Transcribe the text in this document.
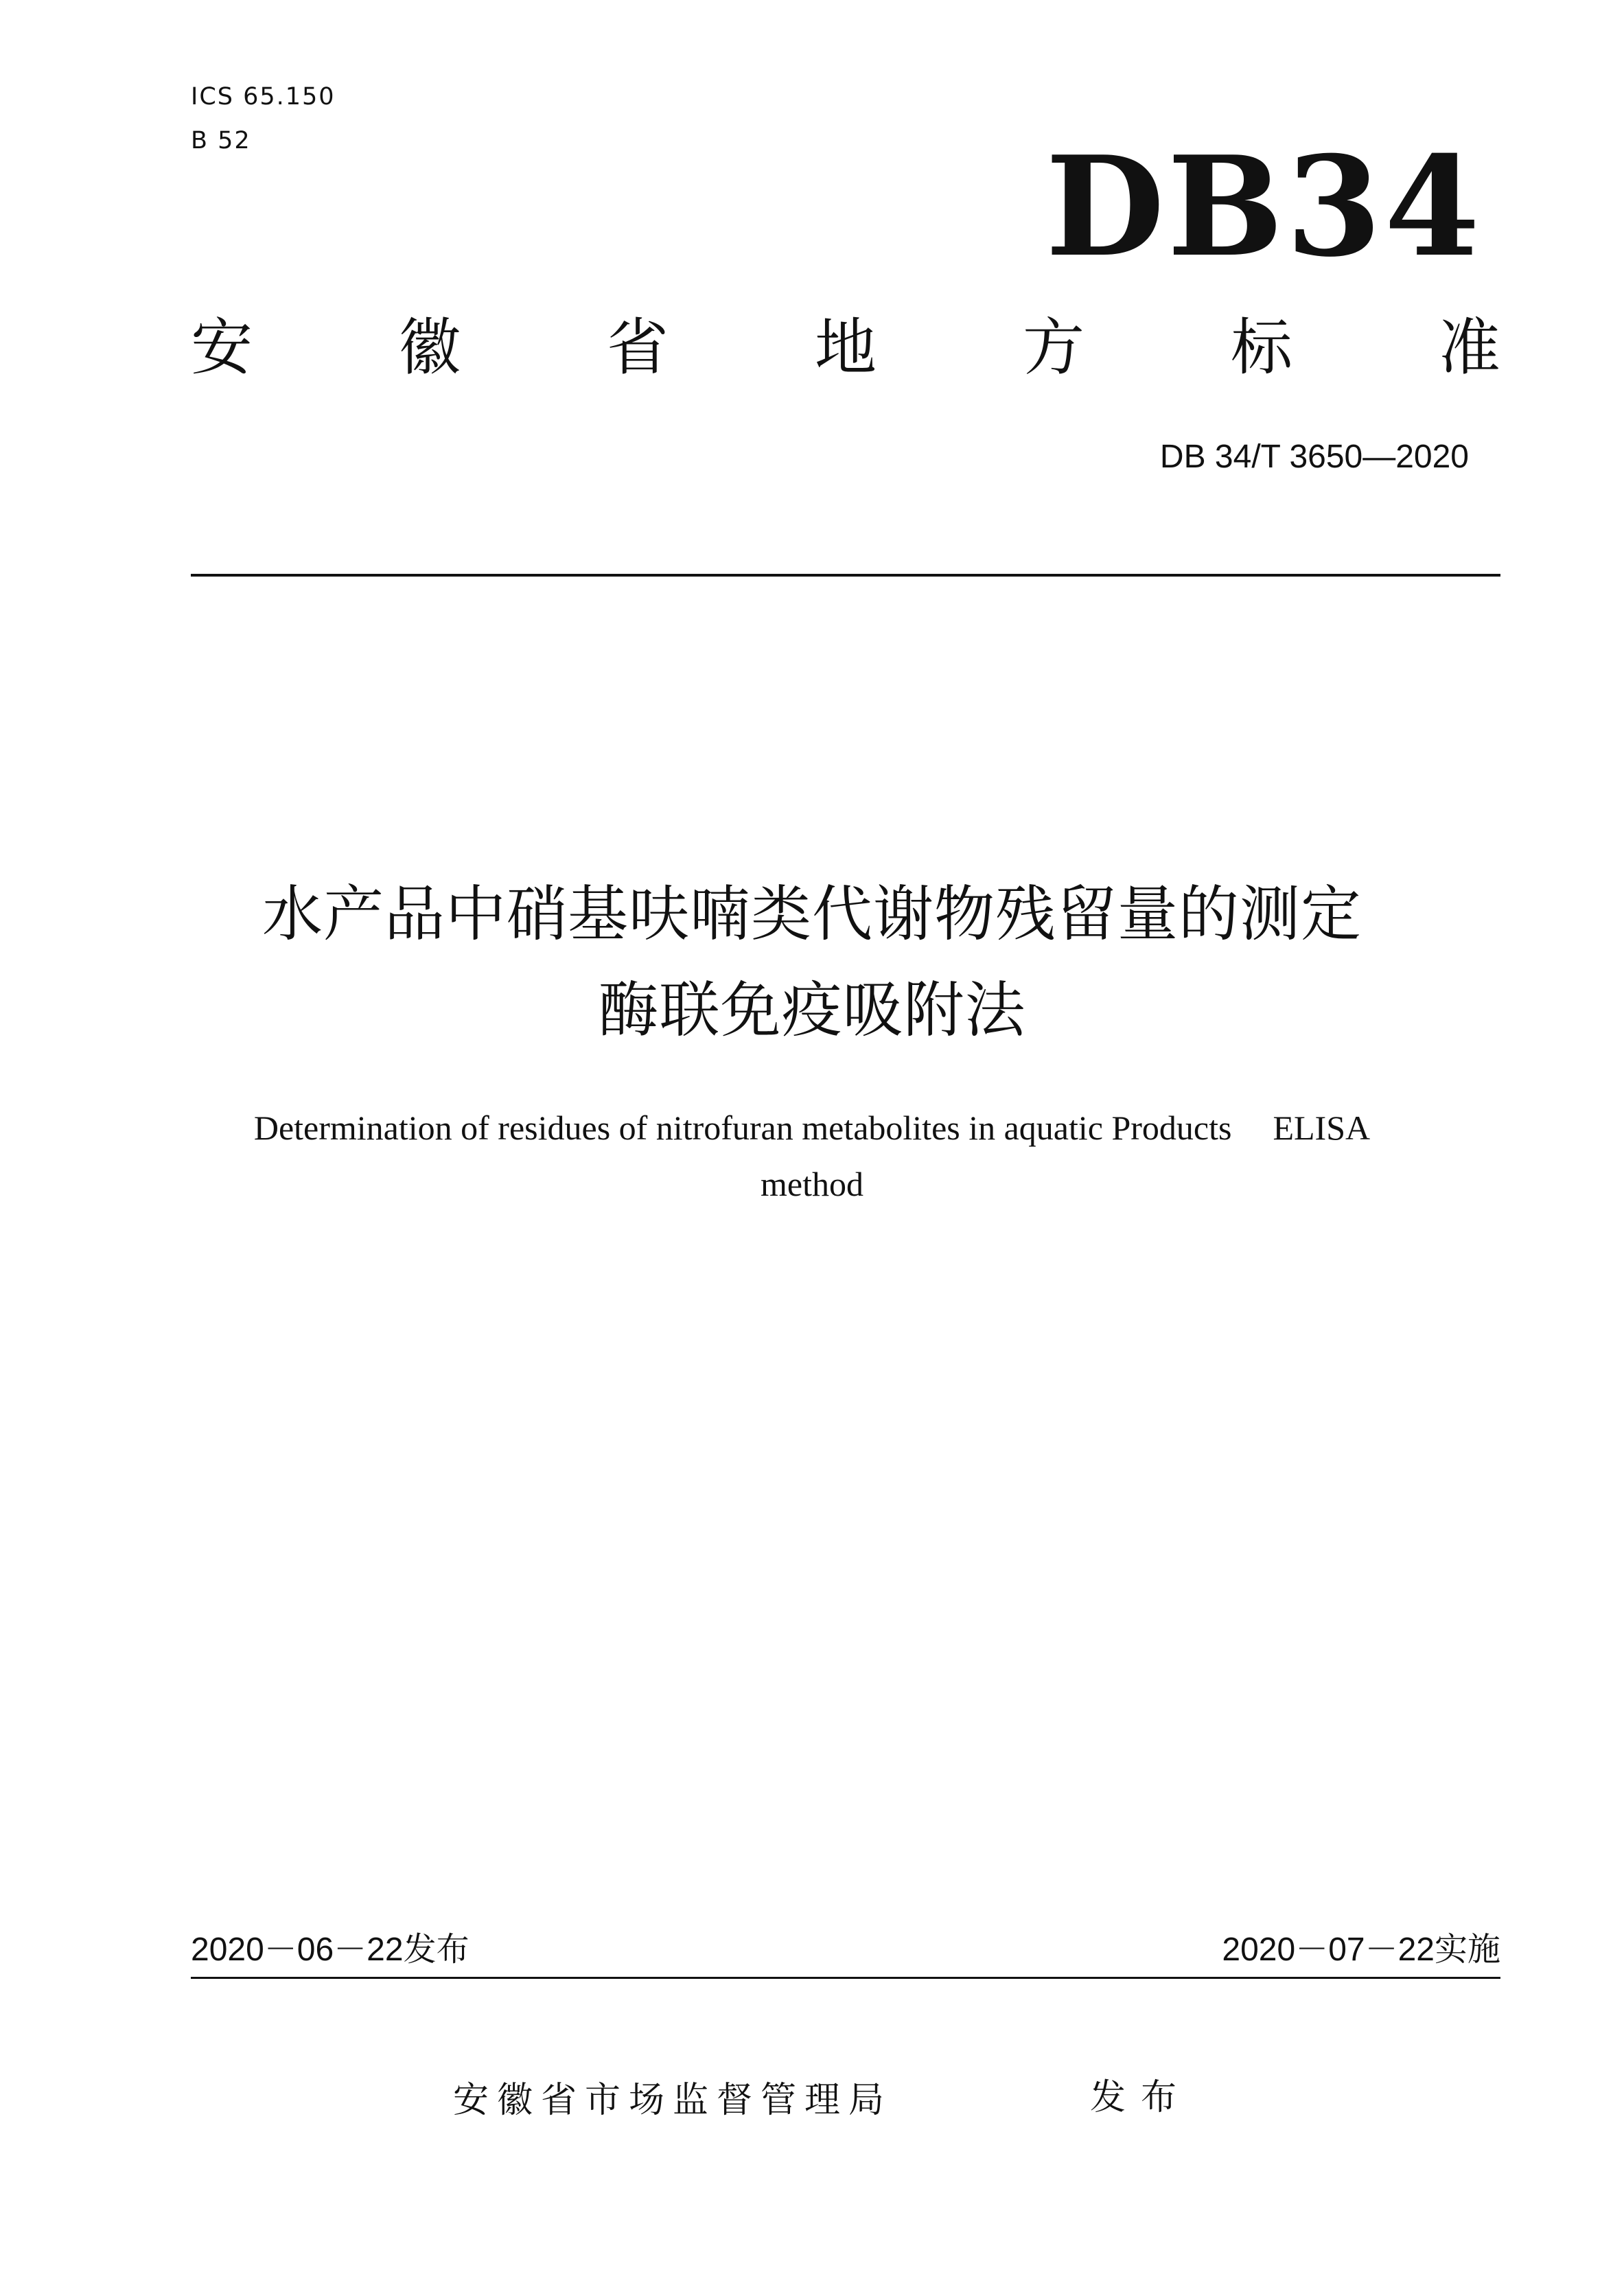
ICS 65.150
B 52	DB34
安 徽 省 地 方 标 准
DB 34/T 3650—2020
水产品中硝基呋喃类代谢物残留量的测定
酶联免疫吸附法
Determination of residues of nitrofuran metabolites in aquatic Products ELISA
method
2020－06－22发布	2020－07－22实施
安徽省市场监督管理局	发布
